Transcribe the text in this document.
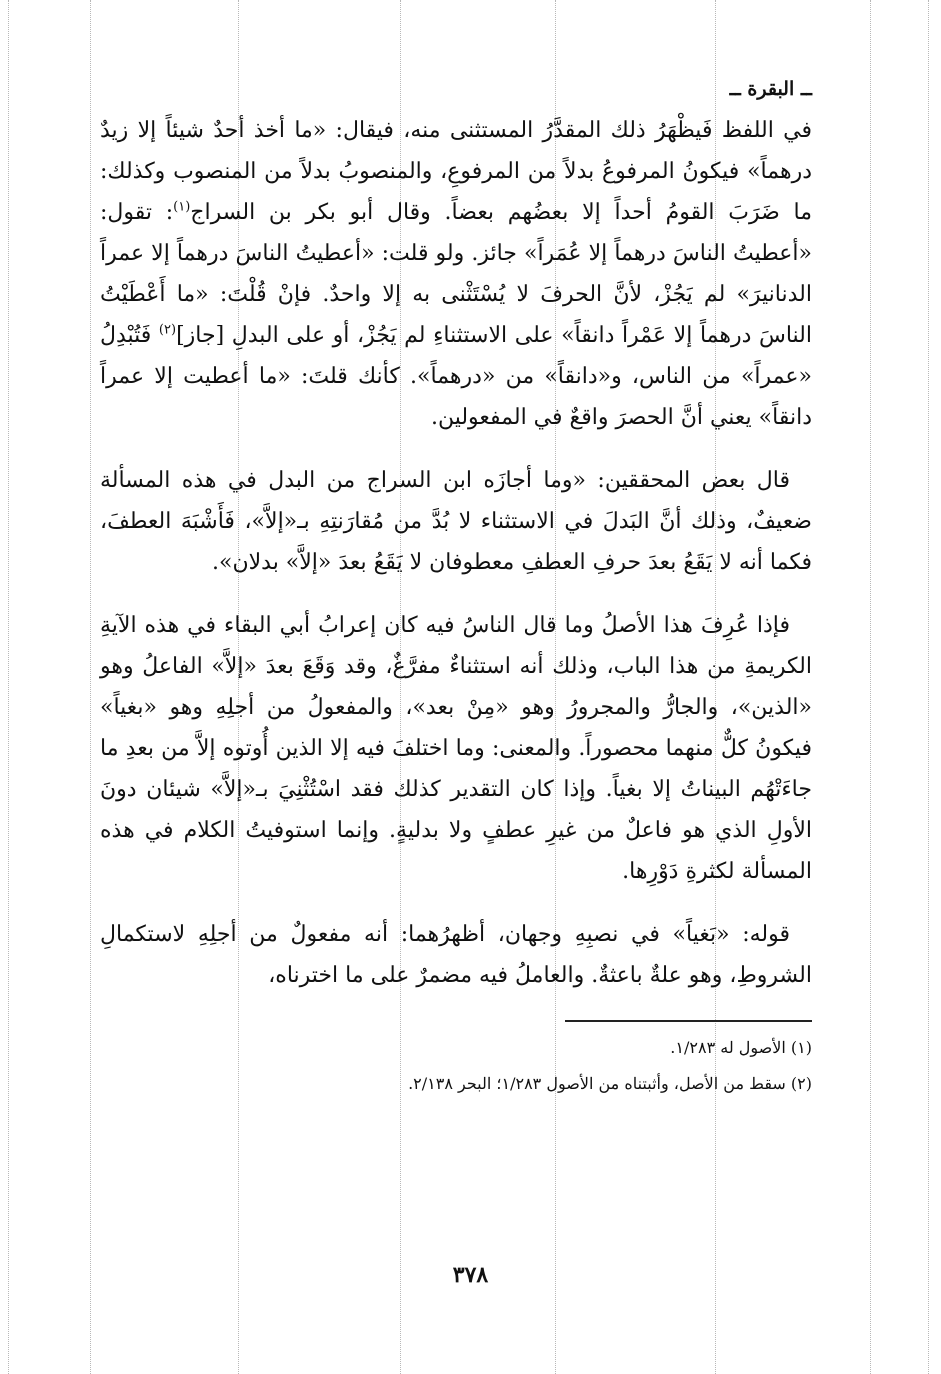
ــ البقرة ــ

في اللفظ فَيظْهَرُ ذلك المقدَّرُ المستثنى منه، فيقال: «ما أخذ أحدٌ شيئاً إلا زيدٌ درهماً» فيكونُ المرفوعُ بدلاً من المرفوعِ، والمنصوبُ بدلاً من المنصوب وكذلك: ما ضَرَبَ القومُ أحداً إلا بعضُهم بعضاً. وقال أبو بكر بن السراج$^{(١)}$: تقول: «أعطيتُ الناسَ درهماً إلا عُمَراً» جائز. ولو قلت: «أعطيتُ الناسَ درهماً إلا عمراً الدنانيرَ» لم يَجُزْ، لأنَّ الحرفَ لا يُسْتَثْنى به إلا واحدٌ. فإنْ قُلْتَ: «ما أَعْطَيْتُ الناسَ درهماً إلا عَمْراً دانقاً» على الاستثناءِ لم يَجُزْ، أو على البدلِ [جاز]$^{(٢)}$ فَتُبْدِلُ «عمراً» من الناس، و«دانقاً» من «درهماً». كأنك قلتَ: «ما أعطيت إلا عمراً دانقاً» يعني أنَّ الحصرَ واقعٌ في المفعولين.

قال بعض المحققين: «وما أجازَه ابن السراج من البدل في هذه المسألة ضعيفٌ، وذلك أنَّ البَدلَ في الاستثناء لا بُدَّ من مُقارَنتِهِ بـ«إلاَّ»، فَأَشْبَهَ العطفَ، فكما أنه لا يَقَعُ بعدَ حرفِ العطفِ معطوفان لا يَقَعُ بعدَ «إلاَّ» بدلان».

فإذا عُرِفَ هذا الأصلُ وما قال الناسُ فيه كان إعرابُ أبي البقاء في هذه الآيةِ الكريمةِ من هذا الباب، وذلك أنه استثناءٌ مفرَّغٌ، وقد وَقَعَ بعدَ «إلاَّ» الفاعلُ وهو «الذين»، والجارُّ والمجرورُ وهو «مِنْ بعد»، والمفعولُ من أجلِهِ وهو «بغياً» فيكونُ كلٌّ منهما محصوراً. والمعنى: وما اختلفَ فيه إلا الذين أُوتوه إلاَّ من بعدِ ما جاءَتْهُم البيناتُ إلا بغياً. وإذا كان التقدير كذلك فقد اسْتُثْنِيَ بـ«إلاَّ» شيئان دونَ الأولِ الذي هو فاعلٌ من غيرِ عطفٍ ولا بدليةٍ. وإنما استوفيتُ الكلام في هذه المسألة لكثرةِ دَوْرِها.

قوله: «بَغياً» في نصبِهِ وجهان، أظهرُهما: أنه مفعولٌ من أجلِهِ لاستكمالِ الشروطِ، وهو علةٌ باعثةٌ. والعاملُ فيه مضمرٌ على ما اخترناه،

(١) الأصول له ١/٢٨٣.
(٢) سقط من الأصل، وأثبتناه من الأصول ١/٢٨٣؛ البحر ٢/١٣٨.
٣٧٨
